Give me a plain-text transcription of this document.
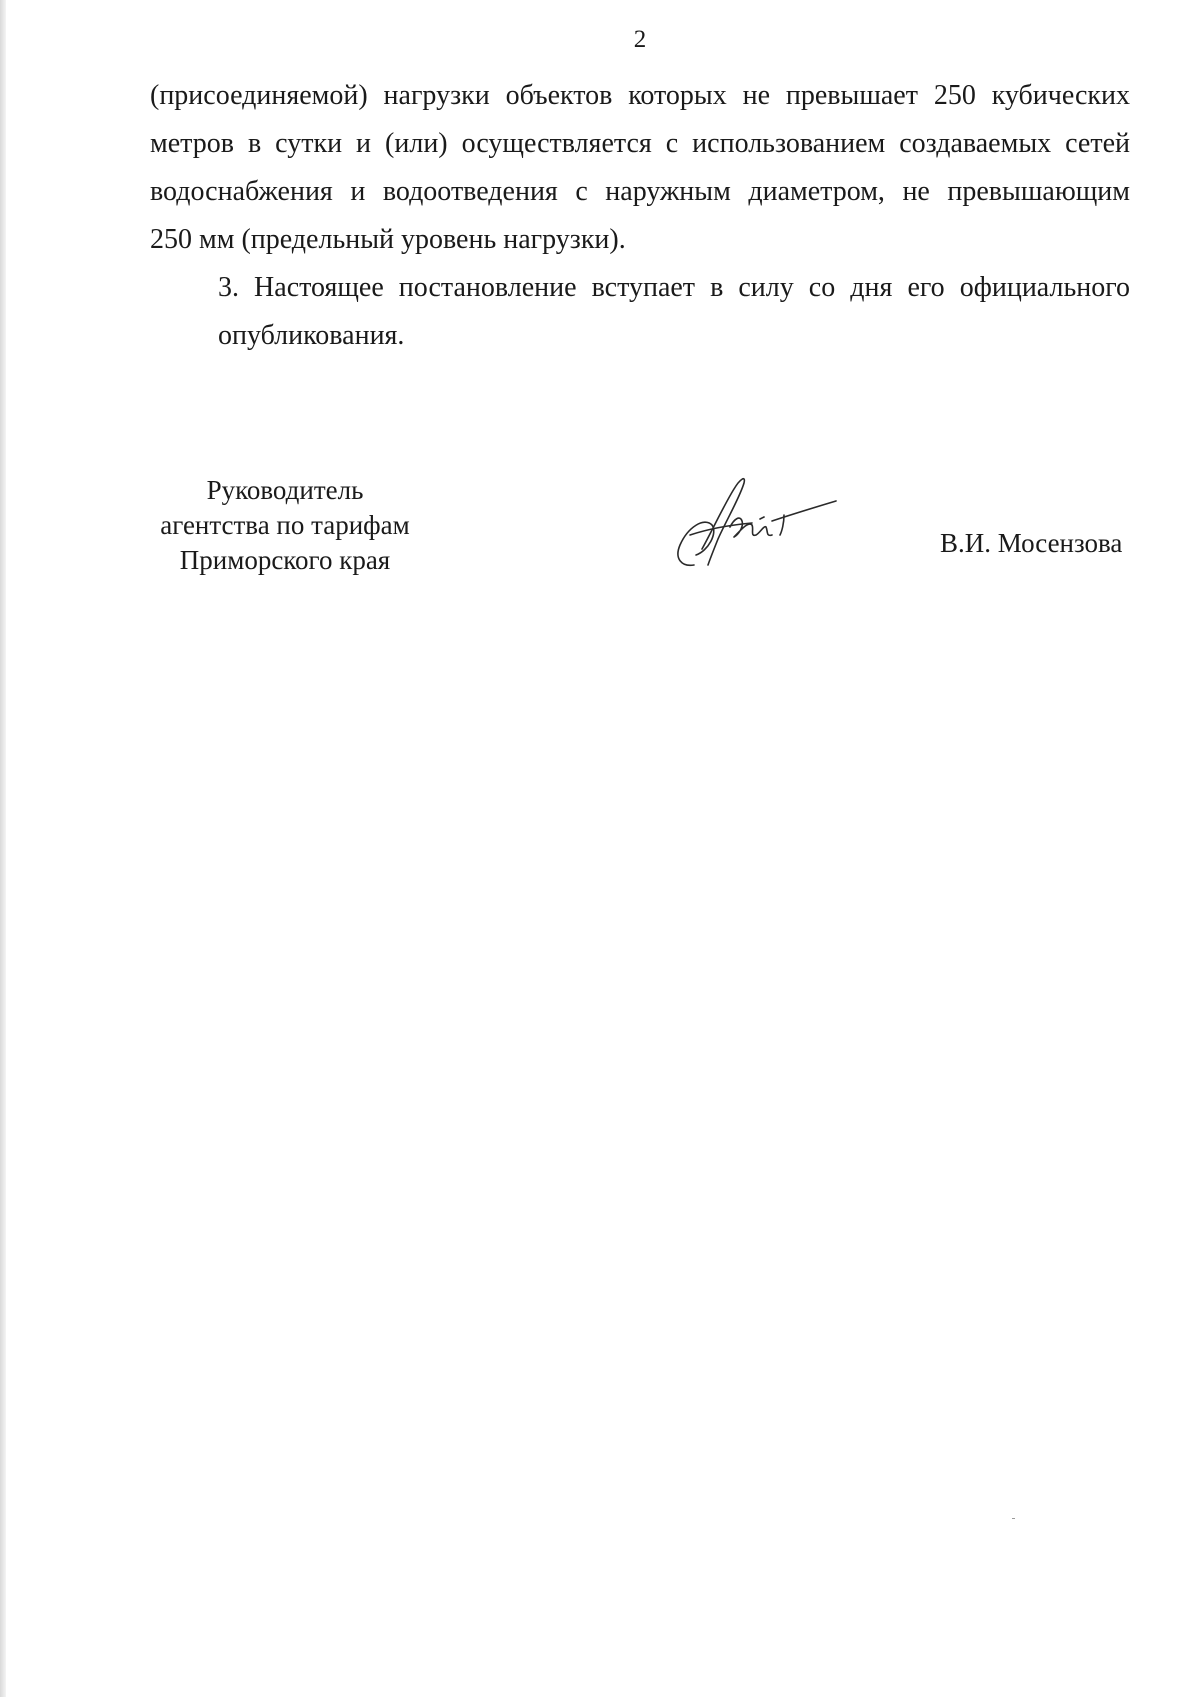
2

(присоединяемой) нагрузки объектов которых не превышает 250 кубических
метров в сутки и (или) осуществляется с использованием создаваемых сетей
водоснабжения и водоотведения с наружным диаметром, не превышающим
250 мм (предельный уровень нагрузки).

3. Настоящее постановление вступает в силу со дня его официального
опубликования.

Руководитель
агентства по тарифам
Приморского края
В.И. Мосензова
